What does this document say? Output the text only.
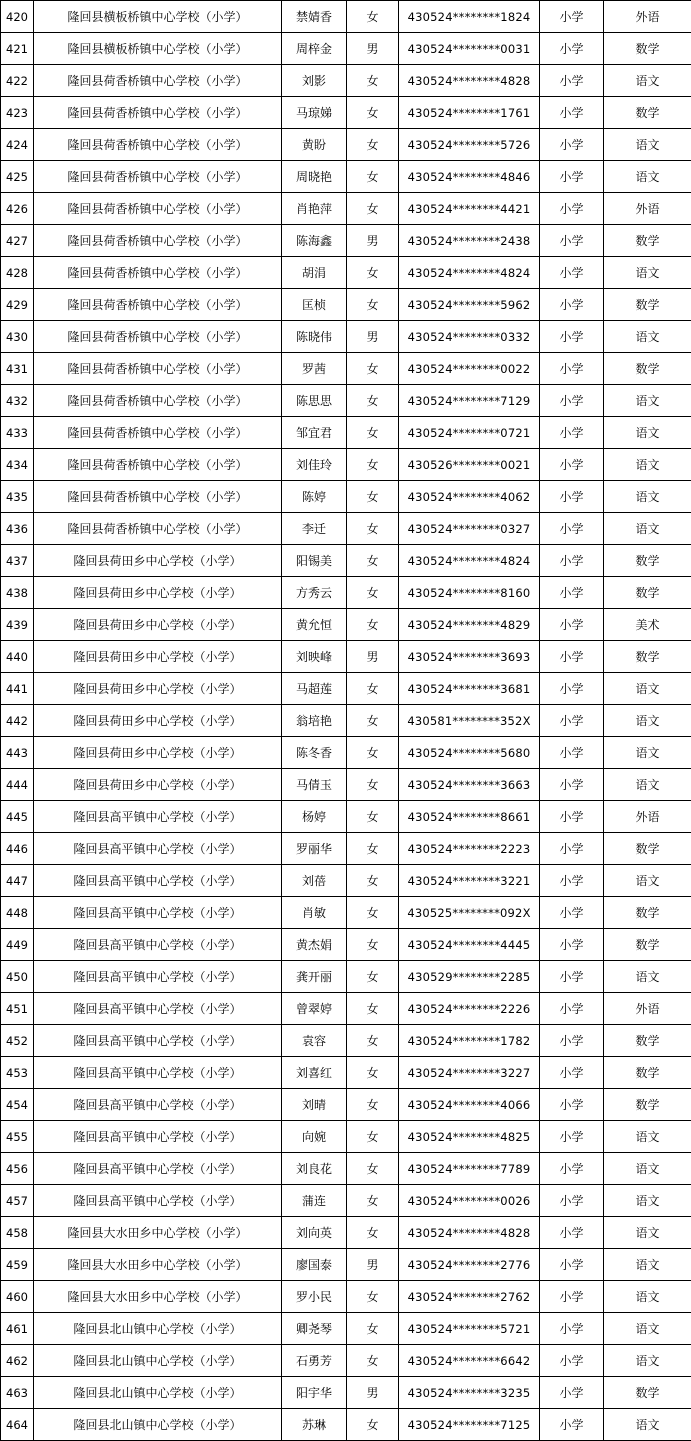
420	隆回县横板桥镇中心学校（小学）	禁婧香	女	430524********1824	小学	外语
421	隆回县横板桥镇中心学校（小学）	周梓金	男	430524********0031	小学	数学
422	隆回县荷香桥镇中心学校（小学）	刘影	女	430524********4828	小学	语文
423	隆回县荷香桥镇中心学校（小学）	马琼娣	女	430524********1761	小学	数学
424	隆回县荷香桥镇中心学校（小学）	黄盼	女	430524********5726	小学	语文
425	隆回县荷香桥镇中心学校（小学）	周晓艳	女	430524********4846	小学	语文
426	隆回县荷香桥镇中心学校（小学）	肖艳萍	女	430524********4421	小学	外语
427	隆回县荷香桥镇中心学校（小学）	陈海鑫	男	430524********2438	小学	数学
428	隆回县荷香桥镇中心学校（小学）	胡涓	女	430524********4824	小学	语文
429	隆回县荷香桥镇中心学校（小学）	匡桢	女	430524********5962	小学	数学
430	隆回县荷香桥镇中心学校（小学）	陈晓伟	男	430524********0332	小学	语文
431	隆回县荷香桥镇中心学校（小学）	罗茜	女	430524********0022	小学	数学
432	隆回县荷香桥镇中心学校（小学）	陈思思	女	430524********7129	小学	语文
433	隆回县荷香桥镇中心学校（小学）	邹宜君	女	430524********0721	小学	语文
434	隆回县荷香桥镇中心学校（小学）	刘佳玲	女	430526********0021	小学	语文
435	隆回县荷香桥镇中心学校（小学）	陈婷	女	430524********4062	小学	语文
436	隆回县荷香桥镇中心学校（小学）	李迁	女	430524********0327	小学	语文
437	隆回县荷田乡中心学校（小学）	阳锡美	女	430524********4824	小学	数学
438	隆回县荷田乡中心学校（小学）	方秀云	女	430524********8160	小学	数学
439	隆回县荷田乡中心学校（小学）	黄允恒	女	430524********4829	小学	美术
440	隆回县荷田乡中心学校（小学）	刘映峰	男	430524********3693	小学	数学
441	隆回县荷田乡中心学校（小学）	马超莲	女	430524********3681	小学	语文
442	隆回县荷田乡中心学校（小学）	翁培艳	女	430581********352X	小学	语文
443	隆回县荷田乡中心学校（小学）	陈冬香	女	430524********5680	小学	语文
444	隆回县荷田乡中心学校（小学）	马倩玉	女	430524********3663	小学	语文
445	隆回县高平镇中心学校（小学）	杨婷	女	430524********8661	小学	外语
446	隆回县高平镇中心学校（小学）	罗丽华	女	430524********2223	小学	数学
447	隆回县高平镇中心学校（小学）	刘蓓	女	430524********3221	小学	语文
448	隆回县高平镇中心学校（小学）	肖敏	女	430525********092X	小学	数学
449	隆回县高平镇中心学校（小学）	黄杰娟	女	430524********4445	小学	数学
450	隆回县高平镇中心学校（小学）	龚开丽	女	430529********2285	小学	语文
451	隆回县高平镇中心学校（小学）	曾翠婷	女	430524********2226	小学	外语
452	隆回县高平镇中心学校（小学）	袁容	女	430524********1782	小学	数学
453	隆回县高平镇中心学校（小学）	刘喜红	女	430524********3227	小学	数学
454	隆回县高平镇中心学校（小学）	刘晴	女	430524********4066	小学	数学
455	隆回县高平镇中心学校（小学）	向婉	女	430524********4825	小学	语文
456	隆回县高平镇中心学校（小学）	刘良花	女	430524********7789	小学	语文
457	隆回县高平镇中心学校（小学）	蒲连	女	430524********0026	小学	语文
458	隆回县大水田乡中心学校（小学）	刘向英	女	430524********4828	小学	语文
459	隆回县大水田乡中心学校（小学）	廖国泰	男	430524********2776	小学	语文
460	隆回县大水田乡中心学校（小学）	罗小民	女	430524********2762	小学	语文
461	隆回县北山镇中心学校（小学）	卿尧琴	女	430524********5721	小学	语文
462	隆回县北山镇中心学校（小学）	石勇芳	女	430524********6642	小学	语文
463	隆回县北山镇中心学校（小学）	阳宇华	男	430524********3235	小学	数学
464	隆回县北山镇中心学校（小学）	苏琳	女	430524********7125	小学	语文
